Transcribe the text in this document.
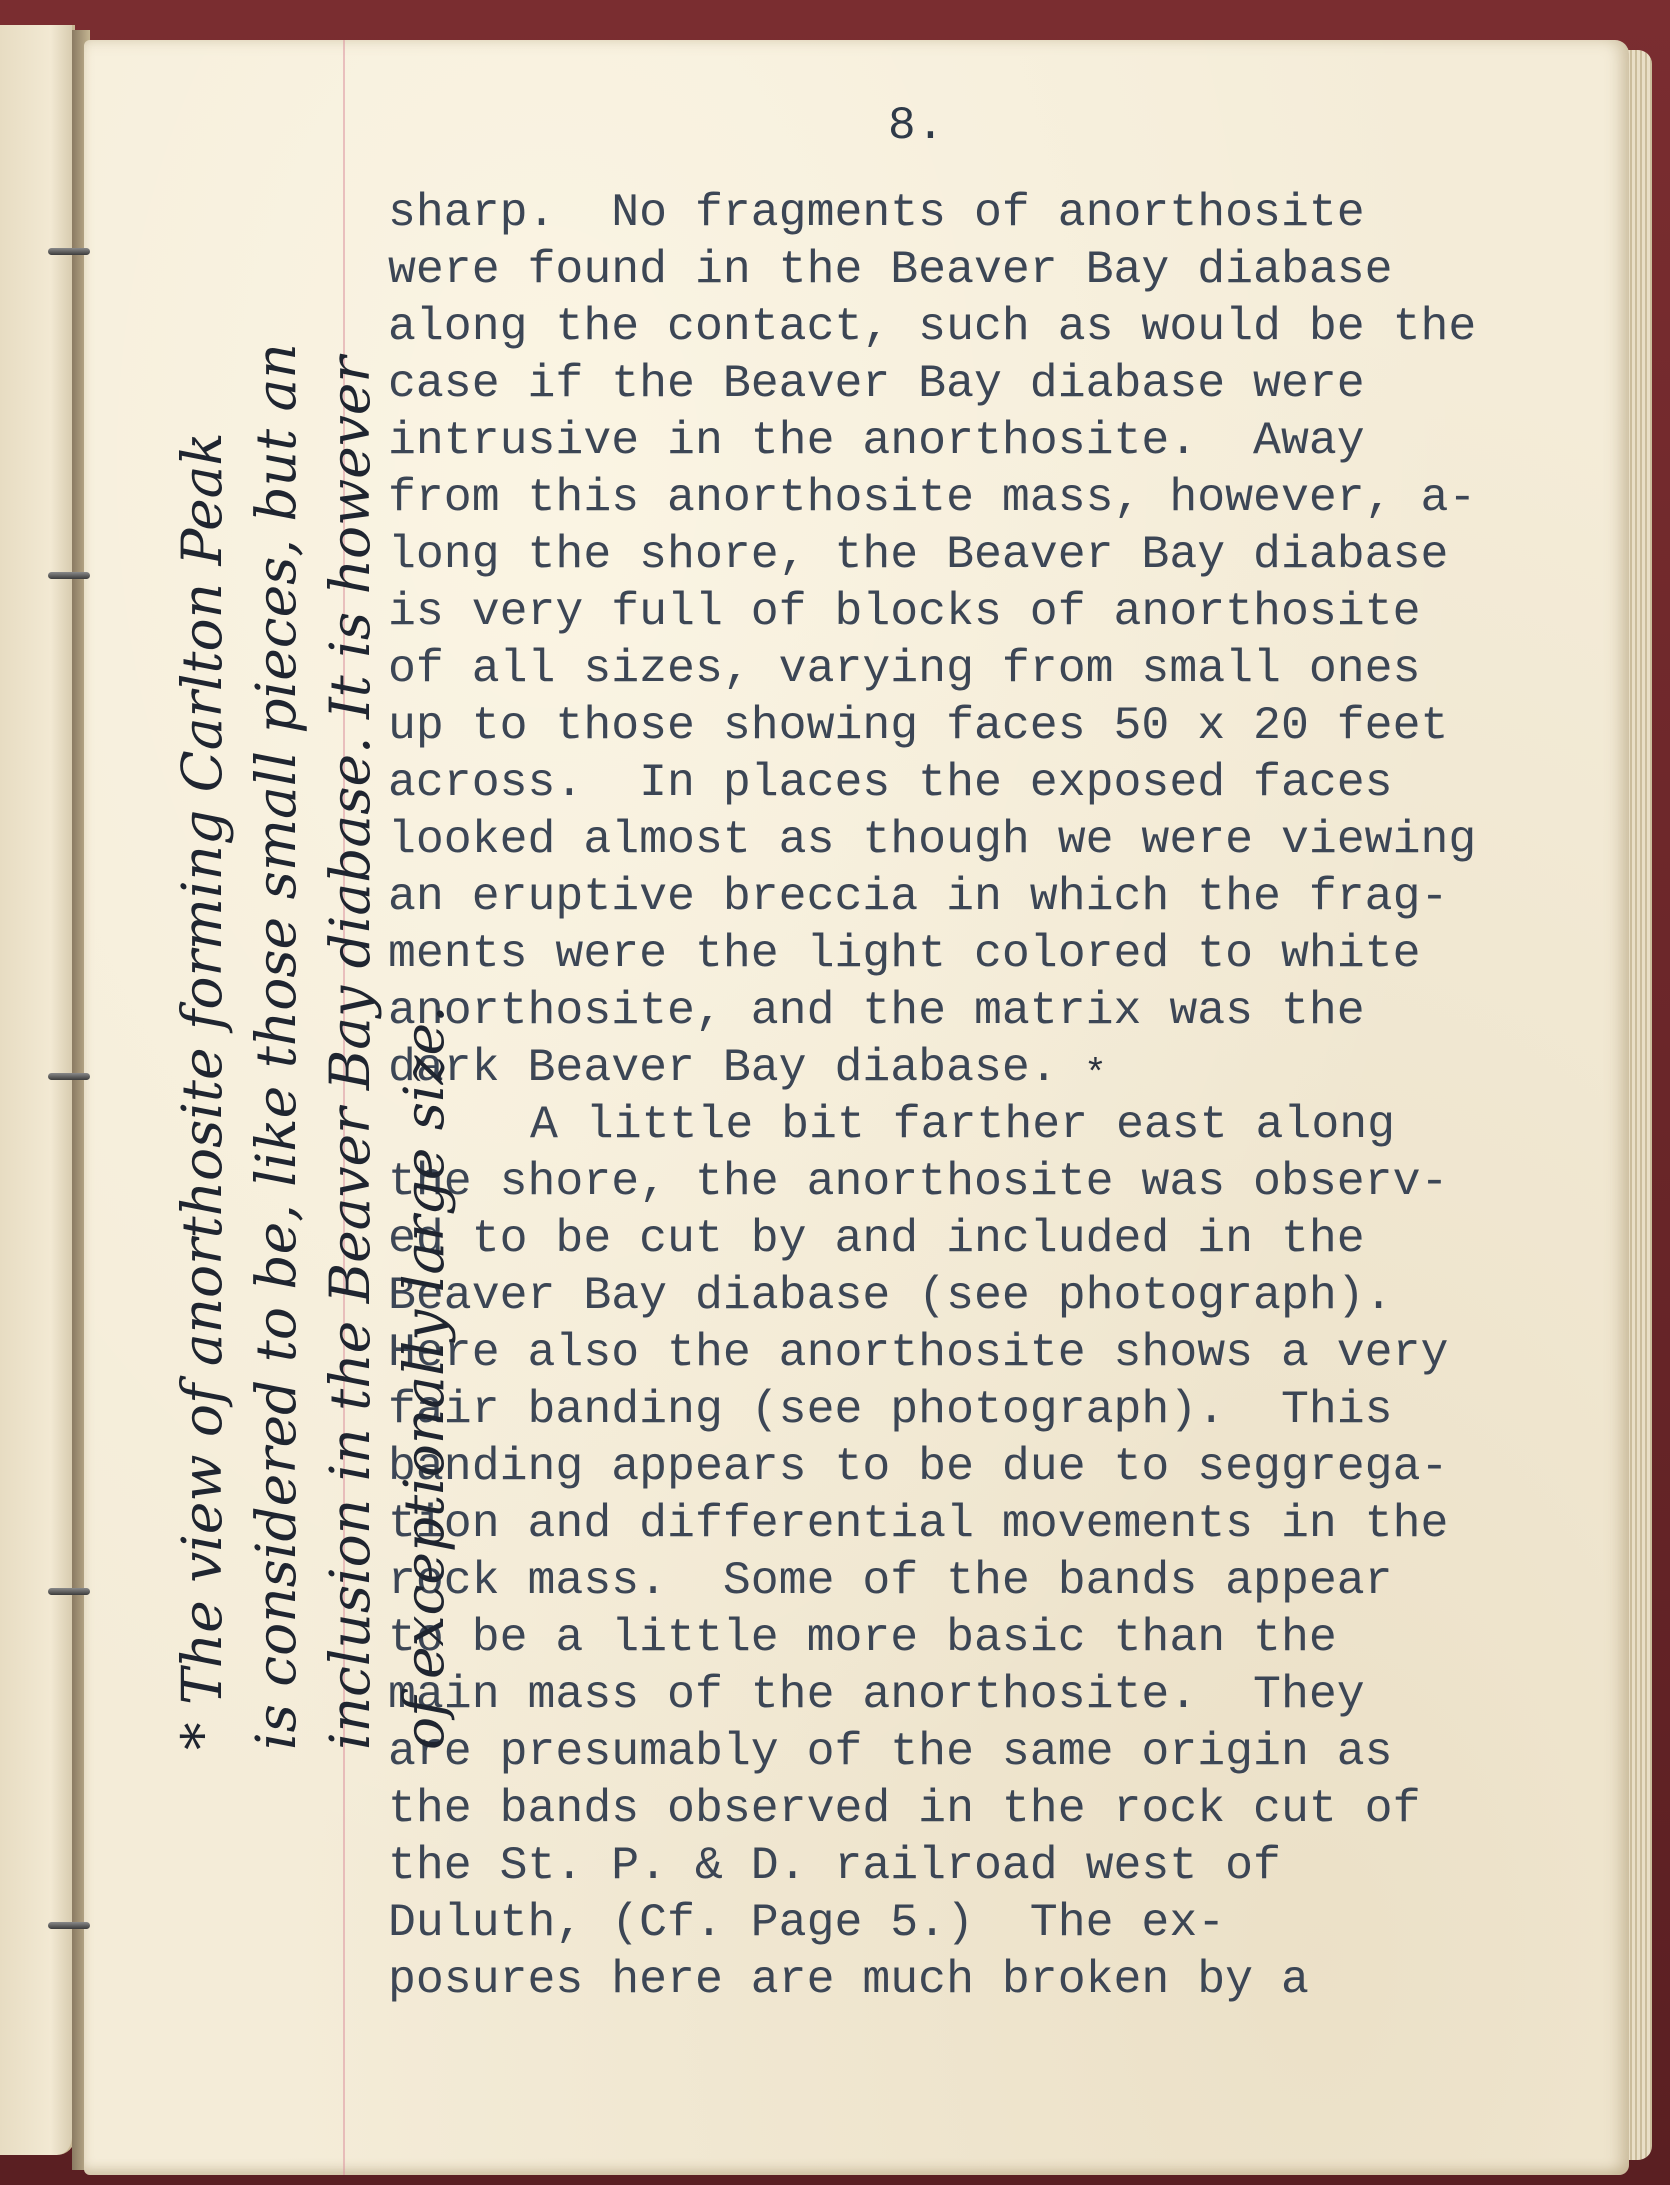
8.
sharp.  No fragments of anorthosite
were found in the Beaver Bay diabase
along the contact, such as would be the
case if the Beaver Bay diabase were
intrusive in the anorthosite.  Away
from this anorthosite mass, however, a-
long the shore, the Beaver Bay diabase
is very full of blocks of anorthosite
of all sizes, varying from small ones
up to those showing faces 50 x 20 feet
across.  In places the exposed faces
looked almost as though we were viewing
an eruptive breccia in which the frag-
ments were the light colored to white
anorthosite, and the matrix was the
dark Beaver Bay diabase.
A little bit farther east along
the shore, the anorthosite was observ-
ed to be cut by and included in the
Beaver Bay diabase (see photograph).
Here also the anorthosite shows a very
fair banding (see photograph).  This
banding appears to be due to seggrega-
tion and differential movements in the
rock mass.  Some of the bands appear
to be a little more basic than the
main mass of the anorthosite.  They
are presumably of the same origin as
the bands observed in the rock cut of
the St. P. & D. railroad west of
Duluth, (Cf. Page 5.)  The ex-
posures here are much broken by a
*
* The view of anorthosite forming Carlton Peak is considered to be, like those small pieces, but an inclusion in the Beaver Bay diabase. It is however of exceptionally large size.
